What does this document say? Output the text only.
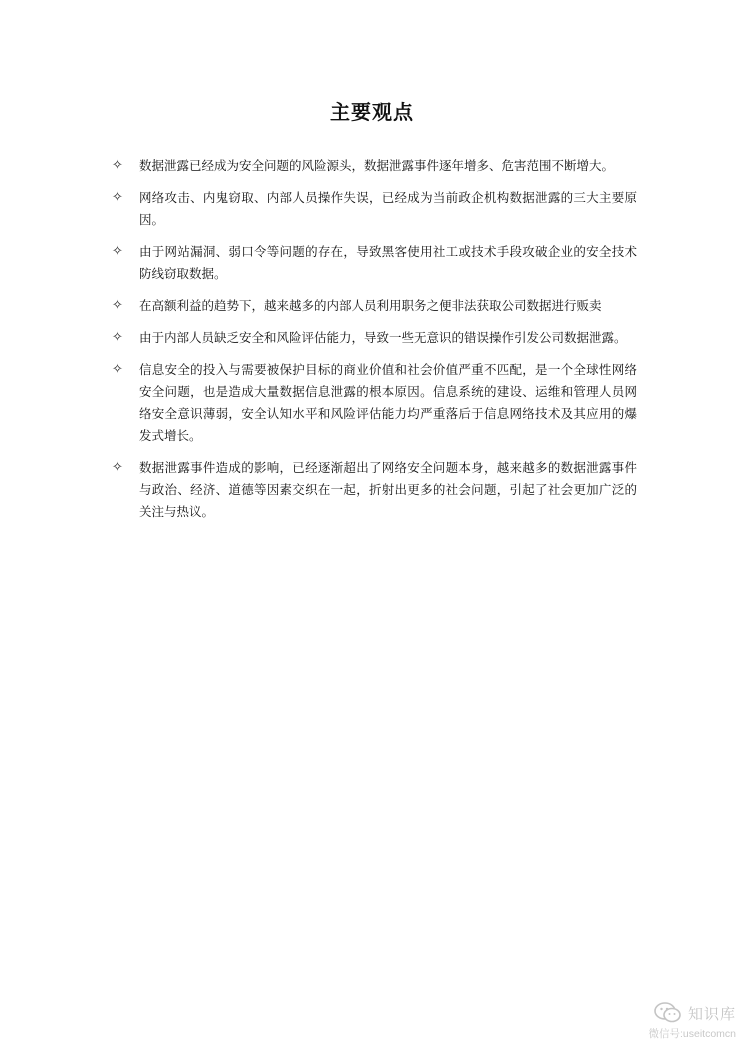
主要观点
✧	数据泄露已经成为安全问题的风险源头，数据泄露事件逐年增多、危害范围不断增大。
✧	网络攻击、内鬼窃取、内部人员操作失误，已经成为当前政企机构数据泄露的三大主要原因。
✧	由于网站漏洞、弱口令等问题的存在，导致黑客使用社工或技术手段攻破企业的安全技术防线窃取数据。
✧	在高额利益的趋势下，越来越多的内部人员利用职务之便非法获取公司数据进行贩卖
✧	由于内部人员缺乏安全和风险评估能力，导致一些无意识的错误操作引发公司数据泄露。
✧	信息安全的投入与需要被保护目标的商业价值和社会价值严重不匹配，是一个全球性网络安全问题，也是造成大量数据信息泄露的根本原因。信息系统的建设、运维和管理人员网络安全意识薄弱，安全认知水平和风险评估能力均严重落后于信息网络技术及其应用的爆发式增长。
✧	数据泄露事件造成的影响，已经逐渐超出了网络安全问题本身，越来越多的数据泄露事件与政治、经济、道德等因素交织在一起，折射出更多的社会问题，引起了社会更加广泛的关注与热议。
知识库
微信号:useitcomcn
